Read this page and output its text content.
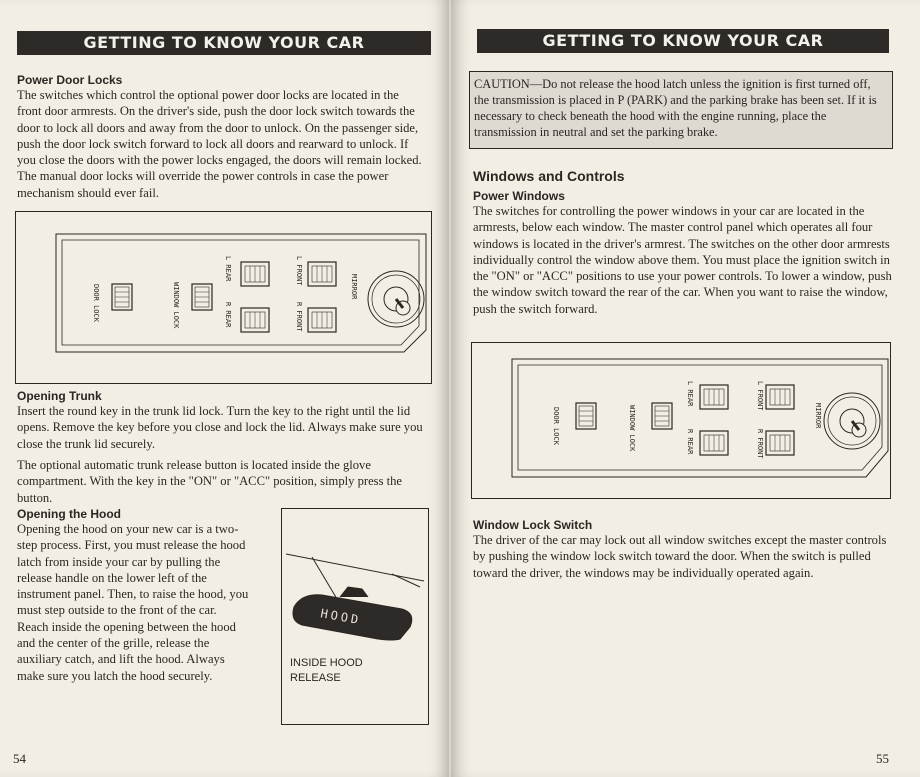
GETTING TO KNOW YOUR CAR
Power Door Locks

The switches which control the optional power door locks are located in the front door armrests. On the driver's side, push the door lock switch towards the door to lock all doors and away from the door to unlock. On the passenger side, push the door lock switch forward to lock all doors and rearward to unlock. If you close the doors with the power locks engaged, the doors will remain locked. The manual door locks will override the power controls in case the power mechanism should ever fail.

DOOR LOCK	WINDOW LOCK
L REAR
R REAR
L FRONT
R FRONT
MIRROR
Opening Trunk

Insert the round key in the trunk lid lock. Turn the key to the right until the lid opens. Remove the key before you close and lock the lid. Always make sure you close the trunk lid securely.

The optional automatic trunk release button is located inside the glove compartment. With the key in the "ON" or "ACC" position, simply press the button.

Opening the Hood

Opening the hood on your new car is a two-step process. First, you must release the hood latch from inside your car by pulling the release handle on the lower left of the instrument panel. Then, to raise the hood, you must step outside to the front of the car. Reach inside the opening between the hood and the center of the grille, release the auxiliary catch, and lift the hood. Always make sure you latch the hood securely.

HOOD
INSIDE HOOD
RELEASE
54
GETTING TO KNOW YOUR CAR
CAUTION—Do not release the hood latch unless the ignition is first turned off, the transmission is placed in P (PARK) and the parking brake has been set. If it is necessary to check beneath the hood with the engine running, place the transmission in neutral and set the parking brake.
Windows and Controls
Power Windows

The switches for controlling the power windows in your car are located in the armrests, below each window. The master control panel which operates all four windows is located in the driver's armrest. The switches on the other door armrests individually control the window above them. You must place the ignition switch in the "ON" or "ACC" positions to use your power controls. To lower a window, push the window switch toward the rear of the car. When you want to raise the window, push the switch forward.

DOOR LOCK	WINDOW LOCK
L REAR
R REAR
L FRONT
R FRONT
MIRROR
Window Lock Switch

The driver of the car may lock out all window switches except the master controls by pushing the window lock switch toward the door. When the switch is pulled toward the driver, the windows may be individually operated again.

55
